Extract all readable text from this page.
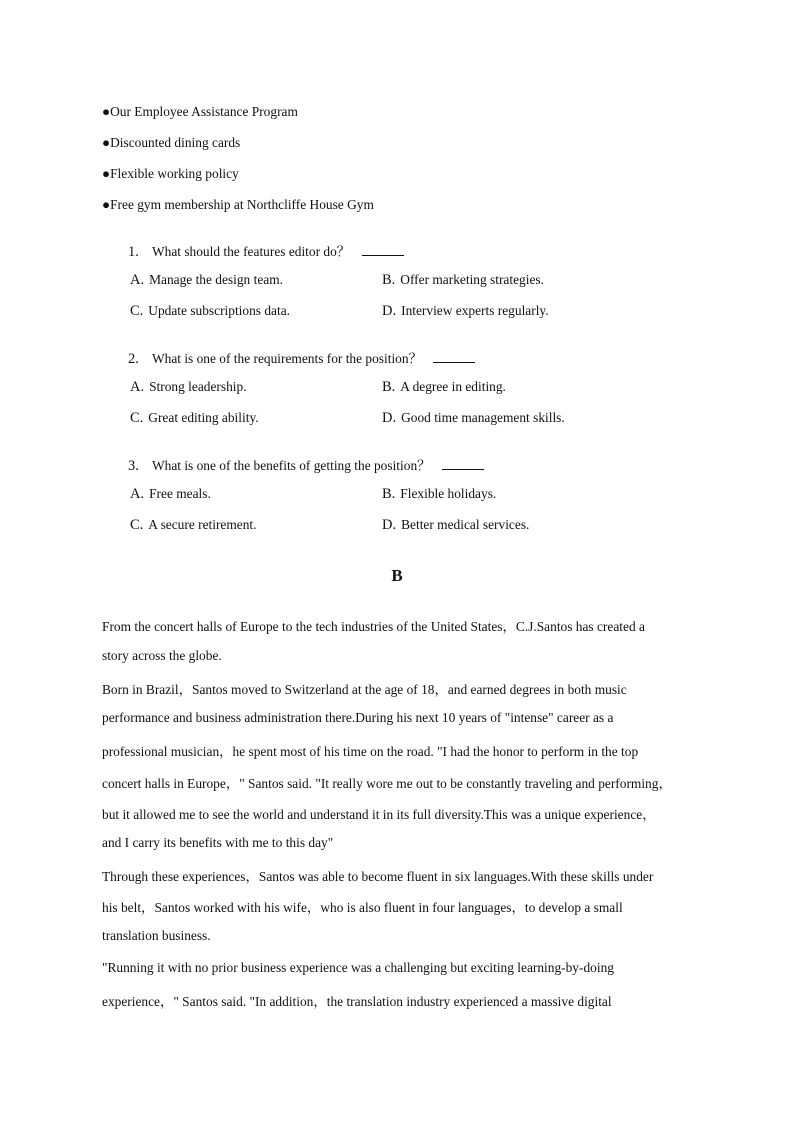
●Our Employee Assistance Program
●Discounted dining cards
●Flexible working policy
●Free gym membership at Northcliffe House Gym
1. What should the features editor do？
A. Manage the design team.	B. Offer marketing strategies.
C. Update subscriptions data.	D. Interview experts regularly.
2. What is one of the requirements for the position？
A. Strong leadership.	B. A degree in editing.
C. Great editing ability.	D. Good time management skills.
3. What is one of the benefits of getting the position？
A. Free meals.	B. Flexible holidays.
C. A secure retirement.	D. Better medical services.
B
From the concert halls of Europe to the tech industries of the United States，C.J.Santos has created a
story across the globe.
Born in Brazil，Santos moved to Switzerland at the age of 18，and earned degrees in both music
performance and business administration there.During his next 10 years of "intense" career as a
professional musician，he spent most of his time on the road. "I had the honor to perform in the top
concert halls in Europe，" Santos said. "It really wore me out to be constantly traveling and performing，
but it allowed me to see the world and understand it in its full diversity.This was a unique experience，
and I carry its benefits with me to this day"
Through these experiences，Santos was able to become fluent in six languages.With these skills under
his belt，Santos worked with his wife，who is also fluent in four languages，to develop a small
translation business.
"Running it with no prior business experience was a challenging but exciting learning-by-doing
experience，" Santos said. "In addition，the translation industry experienced a massive digital
